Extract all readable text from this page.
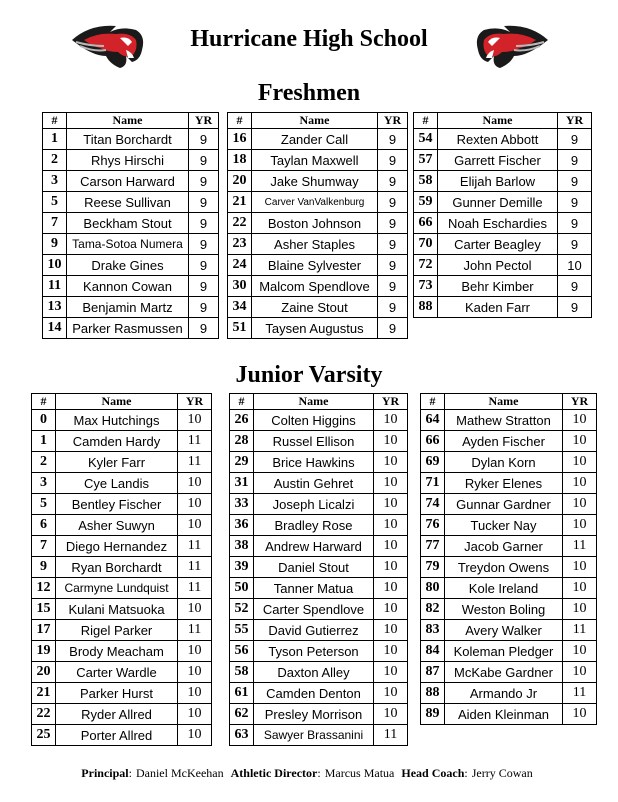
Hurricane High School
Freshmen
#	Name	YR
1	Titan Borchardt	9
2	Rhys Hirschi	9
3	Carson Harward	9
5	Reese Sullivan	9
7	Beckham Stout	9
9	Tama-Sotoa Numera	9
10	Drake Gines	9
11	Kannon Cowan	9
13	Benjamin Martz	9
14	Parker Rasmussen	9
#	Name	YR
16	Zander Call	9
18	Taylan Maxwell	9
20	Jake Shumway	9
21	Carver VanValkenburg	9
22	Boston Johnson	9
23	Asher Staples	9
24	Blaine Sylvester	9
30	Malcom Spendlove	9
34	Zaine Stout	9
51	Taysen Augustus	9
#	Name	YR
54	Rexten Abbott	9
57	Garrett Fischer	9
58	Elijah Barlow	9
59	Gunner Demille	9
66	Noah Eschardies	9
70	Carter Beagley	9
72	John Pectol	10
73	Behr Kimber	9
88	Kaden Farr	9
Junior Varsity
#	Name	YR
0	Max Hutchings	10
1	Camden Hardy	11
2	Kyler Farr	11
3	Cye Landis	10
5	Bentley Fischer	10
6	Asher Suwyn	10
7	Diego Hernandez	11
9	Ryan Borchardt	11
12	Carmyne Lundquist	11
15	Kulani Matsuoka	10
17	Rigel Parker	11
19	Brody Meacham	10
20	Carter Wardle	10
21	Parker Hurst	10
22	Ryder Allred	10
25	Porter Allred	10
#	Name	YR
26	Colten Higgins	10
28	Russel Ellison	10
29	Brice Hawkins	10
31	Austin Gehret	10
33	Joseph Licalzi	10
36	Bradley Rose	10
38	Andrew Harward	10
39	Daniel Stout	10
50	Tanner Matua	10
52	Carter Spendlove	10
55	David Gutierrez	10
56	Tyson Peterson	10
58	Daxton Alley	10
61	Camden Denton	10
62	Presley Morrison	10
63	Sawyer Brassanini	11
#	Name	YR
64	Mathew Stratton	10
66	Ayden Fischer	10
69	Dylan Korn	10
71	Ryker Elenes	10
74	Gunnar Gardner	10
76	Tucker Nay	10
77	Jacob Garner	11
79	Treydon Owens	10
80	Kole Ireland	10
82	Weston Boling	10
83	Avery Walker	11
84	Koleman Pledger	10
87	McKabe Gardner	10
88	Armando Jr	11
89	Aiden Kleinman	10
Principal: Daniel McKeehan Athletic Director: Marcus Matua Head Coach: Jerry Cowan
